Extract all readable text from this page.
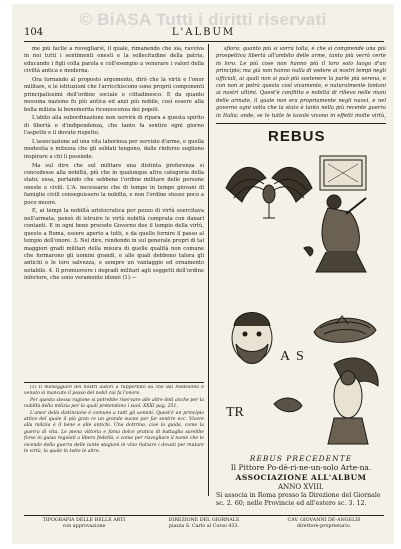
© BiASA Tutti i diritti riservati
104	L'ALBUM

me più facile a risvegliarsi, il quale, rimanendo che sia, ravviva in noi tutti i sentimenti onesti e la sollecitudine della patria, educando i figli colla parola e coll'esempio a venerare i valori della civiltà antica e moderna.

Ora tornando al proposto argomento, dirò che la virtù e l'onor militare, e le istituzioni che l'arricchiscono sono proprii componenti principalissimi dell'ordine sociale e cittadinesco. E da quanto nessuna nazione fu più antica ed anzi più nobile, così essere alla bella milizia la benemerita riconoscenza dei popoli.

L'abito alla subordinazione non servirà di ripara a questa spirito di libertà e d'indipendenza, che tanto fa sentire ogni giorno l'aspetto e il dovuto rispetto.

L'associazione ad una vita laboriosa per servizio d'arme, e quella modestia e mitezza che gli soldati tengono, dalle rinforzo sogliono inspirare a chi li possiede.

Ma sul dire che sul militare una distinta preferenza si concedesse alla nobiltà, più che in qualunque altra categoria della stato; essa, portando che sebbene l'ordine militare delle persone oneste e civili. L'A. necessario che di tempo in tempo giovani di famiglie civili conseguissero la nobiltà, e non l'ordine stesso poco a poco muore.

E, ai tempi la nobiltà aristocratica per pezzo di virtù esercitava nell'armata, pensò di istruire le virtù nobiltà comprata con danari contanti. E in ogni bene procedo Governo dee il tempio della virtù, questo a Roma, essere aperto a tutti, e da quello fornire il passo al tempio dell'onore. 3. Nel dire, rendendo in sul generale propri di tal maggiori gradi militari della misura di quelle qualità non comune che formarono gli uomini grandi, e alle quali debbono talora gli antichi e le loro salvezza, e sempre un vantaggio ed ornamento notabile. 4. Il promuovere i degradi militari agli soggetti dell'ordine inferiore, che sono veramente idonei (1).—

(1) Il maneggiare dei nostri autori a rapportato su che dal medesimo e venuto si mancato il passo del nobil cui fa l'onore.

Per questa stessa ragione si potrebbe riservare alle altre doti anche per la nobiltà della milizia per la quali pretendono i suoi. XXXI pag. 251.

L'amor della distinzione è comune a tutti gli uomini. Quest'è un principio attivo del quale il più gran re un grande suono per far sentire ecc. Vivere alla milizia è il bene e alle antichi. Una dottrina, cioè la guida, come la guerra di vita. Le piena vittoria e fama dolce pratica di battaglia sarebbe forse in guisa regolati a libero fedeltà, e come per risvegliare il nome che le vicende della guerra delle tante stagioni in vino rialzare i dovuti per mutare le virtù, la quale in tutte le altre.

sfiora: quanto più si vorrà tolta, è che si comprende una più prospettiva libertà all'ambito delle arme, tanto più verrà certe in loro. Le più cose non hanno più il loro solo luogo d'un principio; ma già non hanno nulla di vedere ai nostri tempi negli ufficiali, ai quali non si può più sostenere la parte più serena, e con non si potrà questa così vivamente, e naturalmente lontani ai nostri ultimi. Quest'è conflitto e nobiltà di rilievo nelle mani delle armate, il quale non era propriamente negli nuovi, e nel governo ogni volta che la stato è tanto nella più recente guerra in Italia; onde, se le tutte le tavole vivono in effetti molte virtù,

REBUS
A S
TR
REBUS PRECEDENTE
Il Pittore Po-dè-ri-ne-un-solo Arte-na.
ASSOCIAZIONE ALL'ALBUM
ANNO XVIII.
Si associa in Roma presso la Direzione del Giornale sc. 2. 60; nelle Provincie ed all'estero sc. 3. 12.
TIPOGRAFIA DELLE BELLE ARTI
con approvazione
DIREZIONE DEL GIORNALE
piazza S. Carlo al Corso 433.
CAV. GIOVANNI DE-ANGELIS
direttore-proprietario.
